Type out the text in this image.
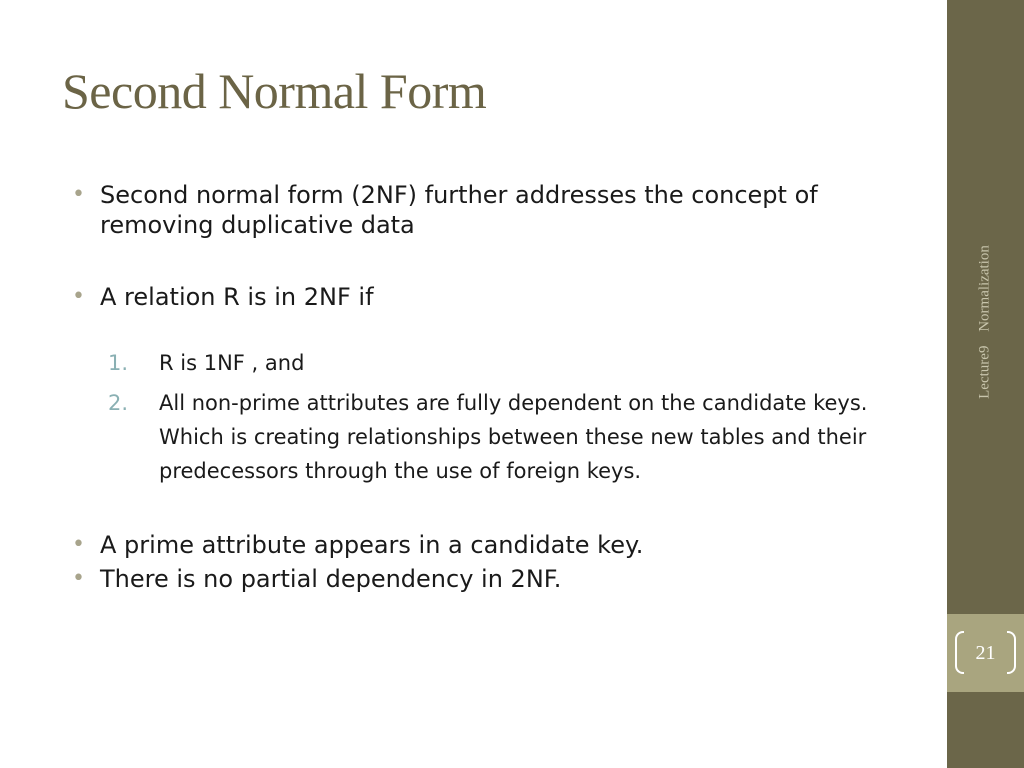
Second Normal Form
• Second normal form (2NF) further addresses the concept of removing duplicative data
• A relation R is in 2NF if
1. R is 1NF , and
2. All non-prime attributes are fully dependent on the candidate keys. Which is creating relationships between these new tables and their predecessors through the use of foreign keys.
• A prime attribute appears in a candidate key.
• There is no partial dependency in 2NF.
Lecture9 Normalization
21
